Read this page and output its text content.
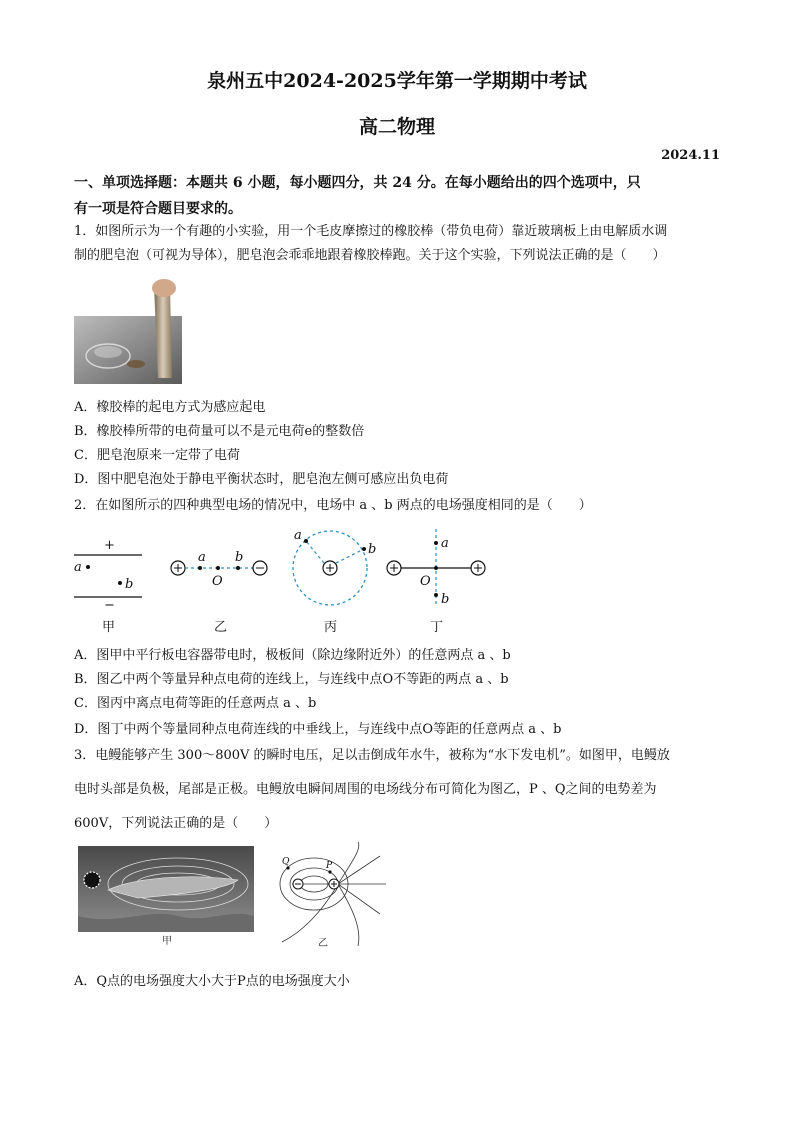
泉州五中2024-2025学年第一学期期中考试
高二物理
2024.11
一、单项选择题：本题共 6 小题，每小题四分，共 24 分。在每小题给出的四个选项中，只
有一项是符合题目要求的。
1．如图所示为一个有趣的小实验，用一个毛皮摩擦过的橡胶棒（带负电荷）靠近玻璃板上由电解质水调
制的肥皂泡（可视为导体），肥皂泡会乖乖地跟着橡胶棒跑。关于这个实验，下列说法正确的是（　　）
A．橡胶棒的起电方式为感应起电
B．橡胶棒所带的电荷量可以不是元电荷e的整数倍
C．肥皂泡原来一定带了电荷
D．图中肥皂泡处于静电平衡状态时，肥皂泡左侧可感应出负电荷
2．在如图所示的四种典型电场的情况中，电场中 a 、b 两点的电场强度相同的是（　　）
+
−
a
b
甲
a b
O
乙
a
b
丙
a
O
b
丁
A．图甲中平行板电容器带电时，极板间（除边缘附近外）的任意两点 a 、b
B．图乙中两个等量异种点电荷的连线上，与连线中点O不等距的两点 a 、b
C．图丙中离点电荷等距的任意两点 a 、b
D．图丁中两个等量同种点电荷连线的中垂线上，与连线中点O等距的任意两点 a 、b
3．电鳗能够产生 300～800V 的瞬时电压，足以击倒成年水牛，被称为“水下发电机”。如图甲，电鳗放
电时头部是负极，尾部是正极。电鳗放电瞬间周围的电场线分布可简化为图乙，P 、Q之间的电势差为
600V，下列说法正确的是（　　）
甲
Q	P
乙
A．Q点的电场强度大小大于P点的电场强度大小
